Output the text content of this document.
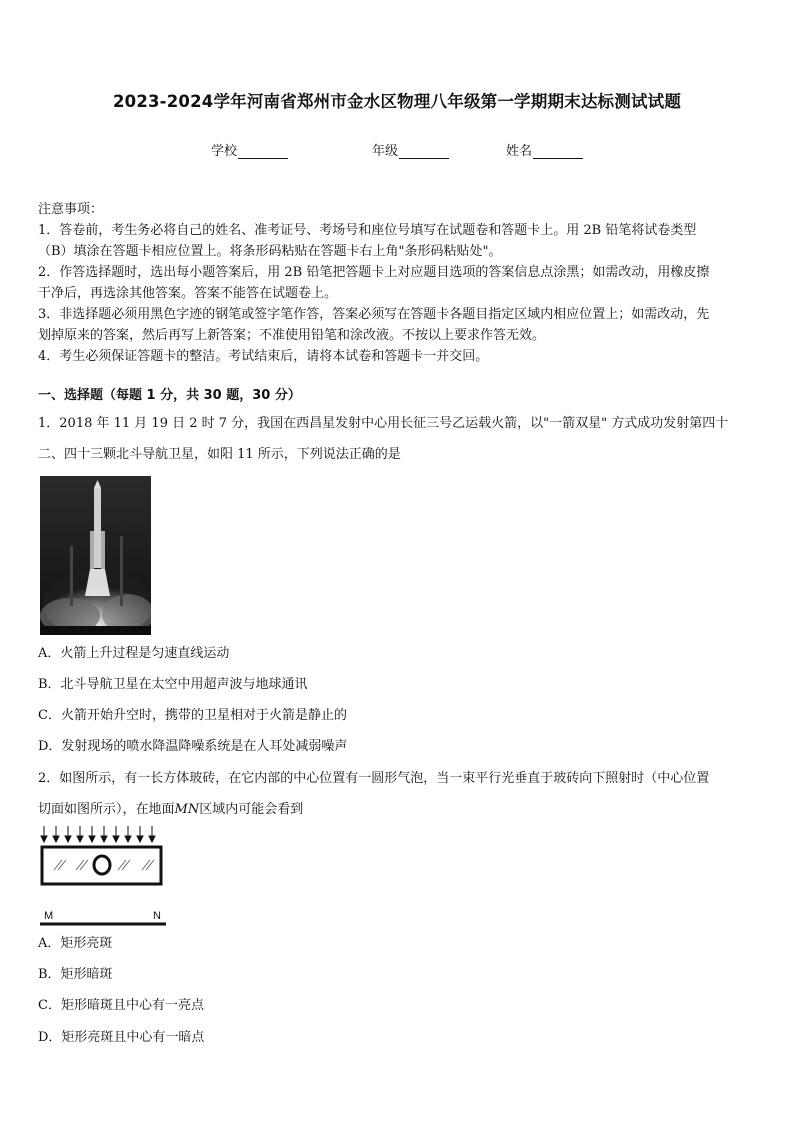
2023-2024学年河南省郑州市金水区物理八年级第一学期期末达标测试试题
学校	年级	姓名
注意事项：
1．答卷前，考生务必将自己的姓名、准考证号、考场号和座位号填写在试题卷和答题卡上。用 2B 铅笔将试卷类型
（B）填涂在答题卡相应位置上。将条形码粘贴在答题卡右上角"条形码粘贴处"。
2．作答选择题时，选出每小题答案后，用 2B 铅笔把答题卡上对应题目选项的答案信息点涂黑；如需改动，用橡皮擦
干净后，再选涂其他答案。答案不能答在试题卷上。
3．非选择题必须用黑色字迹的钢笔或签字笔作答，答案必须写在答题卡各题目指定区域内相应位置上；如需改动，先
划掉原来的答案，然后再写上新答案；不准使用铅笔和涂改液。不按以上要求作答无效。
4．考生必须保证答题卡的整洁。考试结束后，请将本试卷和答题卡一并交回。
一、选择题（每题 1 分，共 30 题，30 分）
1．2018 年 11 月 19 日 2 时 7 分，我国在西昌星发射中心用长征三号乙运载火箭，以"一箭双星" 方式成功发射第四十
二、四十三颗北斗导航卫星，如阳 11 所示，下列说法正确的是
A．火箭上升过程是匀速直线运动
B．北斗导航卫星在太空中用超声波与地球通讯
C．火箭开始升空时，携带的卫星相对于火箭是静止的
D．发射现场的喷水降温降噪系统是在人耳处减弱噪声
2．如图所示，有一长方体玻砖，在它内部的中心位置有一圆形气泡，当一束平行光垂直于玻砖向下照射时（中心位置
切面如图所示），在地面MN区域内可能会看到
M	N
A．矩形亮斑
B．矩形暗斑
C．矩形暗斑且中心有一亮点
D．矩形亮斑且中心有一暗点
